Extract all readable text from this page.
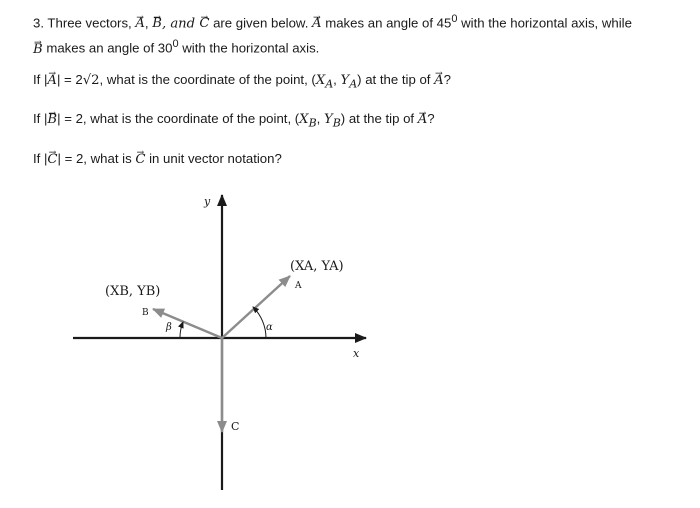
3. Three vectors, → A, → B, and → C are given below. → A makes an angle of $45^0$ with the horizontal axis, while
→ B makes an angle of $30^0$ with the horizontal axis.

If |→ A| = 2√2, what is the coordinate of the point, ($X_A$, $Y_A$) at the tip of → A?

If |→ B| = 2, what is the coordinate of the point, ($X_B$, $Y_B$) at the tip of → A?

If |→ C| = 2, what is → C in unit vector notation?

y
x
(XA, YA)
A
(XB, YB)
B
C
α
β
